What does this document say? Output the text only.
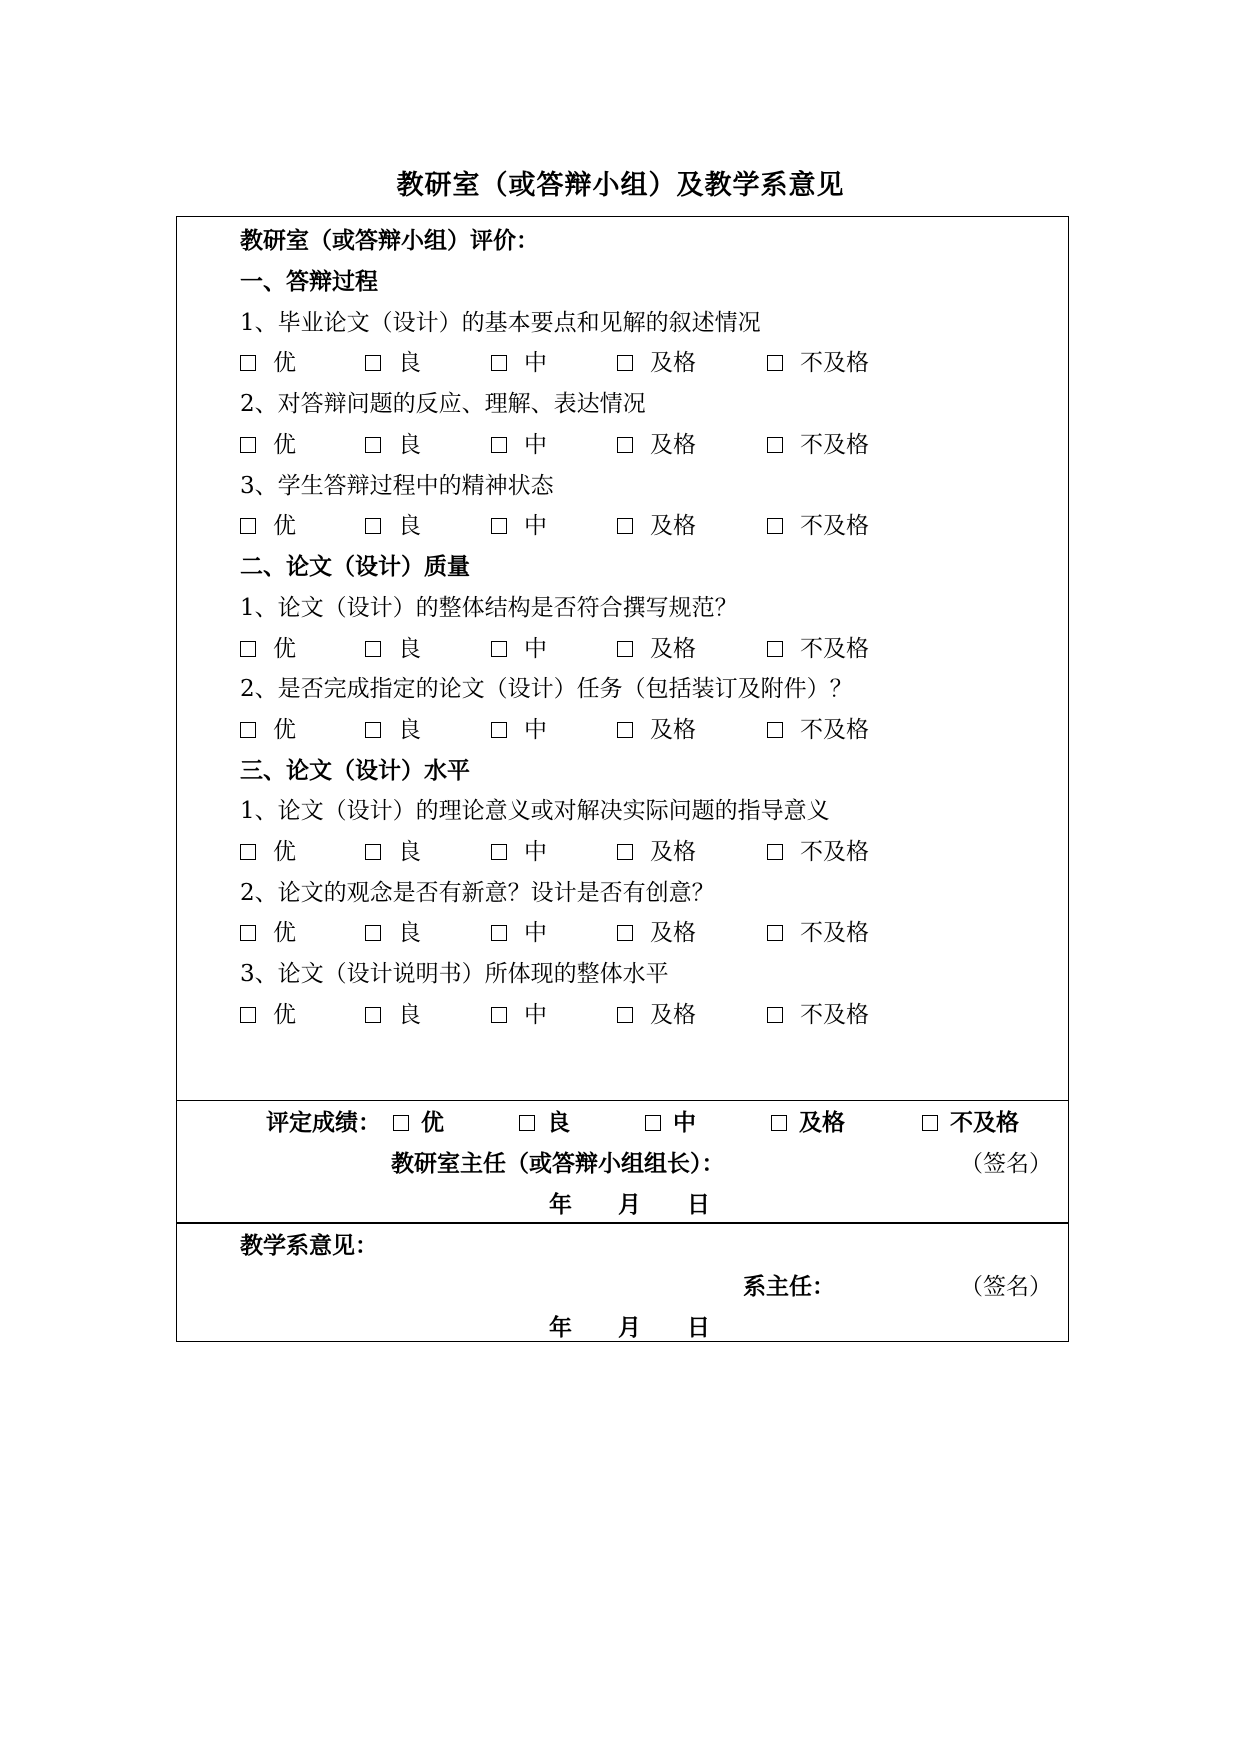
教研室（或答辩小组）及教学系意见
教研室（或答辩小组）评价：
一、答辩过程
1、毕业论文（设计）的基本要点和见解的叙述情况
优	良	中	及格	不及格
2、对答辩问题的反应、理解、表达情况
优	良	中	及格	不及格
3、学生答辩过程中的精神状态
优	良	中	及格	不及格
二、论文（设计）质量
1、论文（设计）的整体结构是否符合撰写规范？
优	良	中	及格	不及格
2、是否完成指定的论文（设计）任务（包括装订及附件）？
优	良	中	及格	不及格
三、论文（设计）水平
1、论文（设计）的理论意义或对解决实际问题的指导意义
优	良	中	及格	不及格
2、论文的观念是否有新意？设计是否有创意？
优	良	中	及格	不及格
3、论文（设计说明书）所体现的整体水平
优	良	中	及格	不及格
评定成绩：	优	良	中	及格	不及格
教研室主任（或答辩小组组长）：	（签名）
年 月 日
教学系意见：
系主任：	（签名）
年 月 日
